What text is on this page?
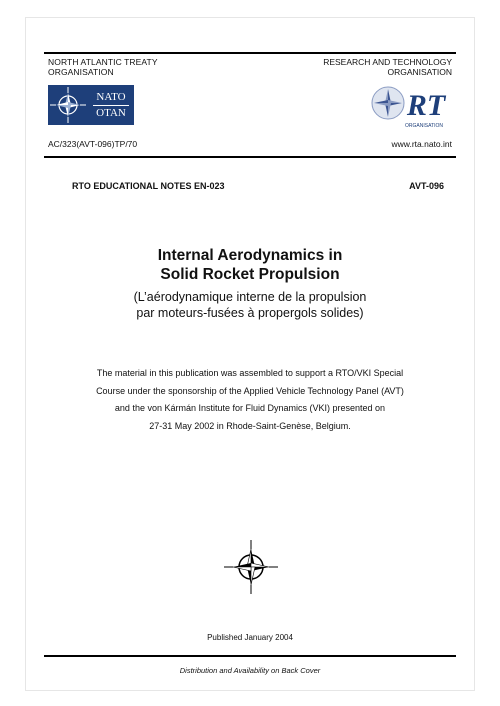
NORTH ATLANTIC TREATY
ORGANISATION
RESEARCH AND TECHNOLOGY
ORGANISATION
NATO
OTAN	RT
ORGANISATION
AC/323(AVT-096)TP/70	www.rta.nato.int
RTO EDUCATIONAL NOTES EN-023	AVT-096
Internal Aerodynamics in
Solid Rocket Propulsion
(L’aérodynamique interne de la propulsion
par moteurs-fusées à propergols solides)
The material in this publication was assembled to support a RTO/VKI Special
Course under the sponsorship of the Applied Vehicle Technology Panel (AVT)
and the von Kármán Institute for Fluid Dynamics (VKI) presented on
27-31 May 2002 in Rhode-Saint-Genèse, Belgium.
Published January 2004
Distribution and Availability on Back Cover
